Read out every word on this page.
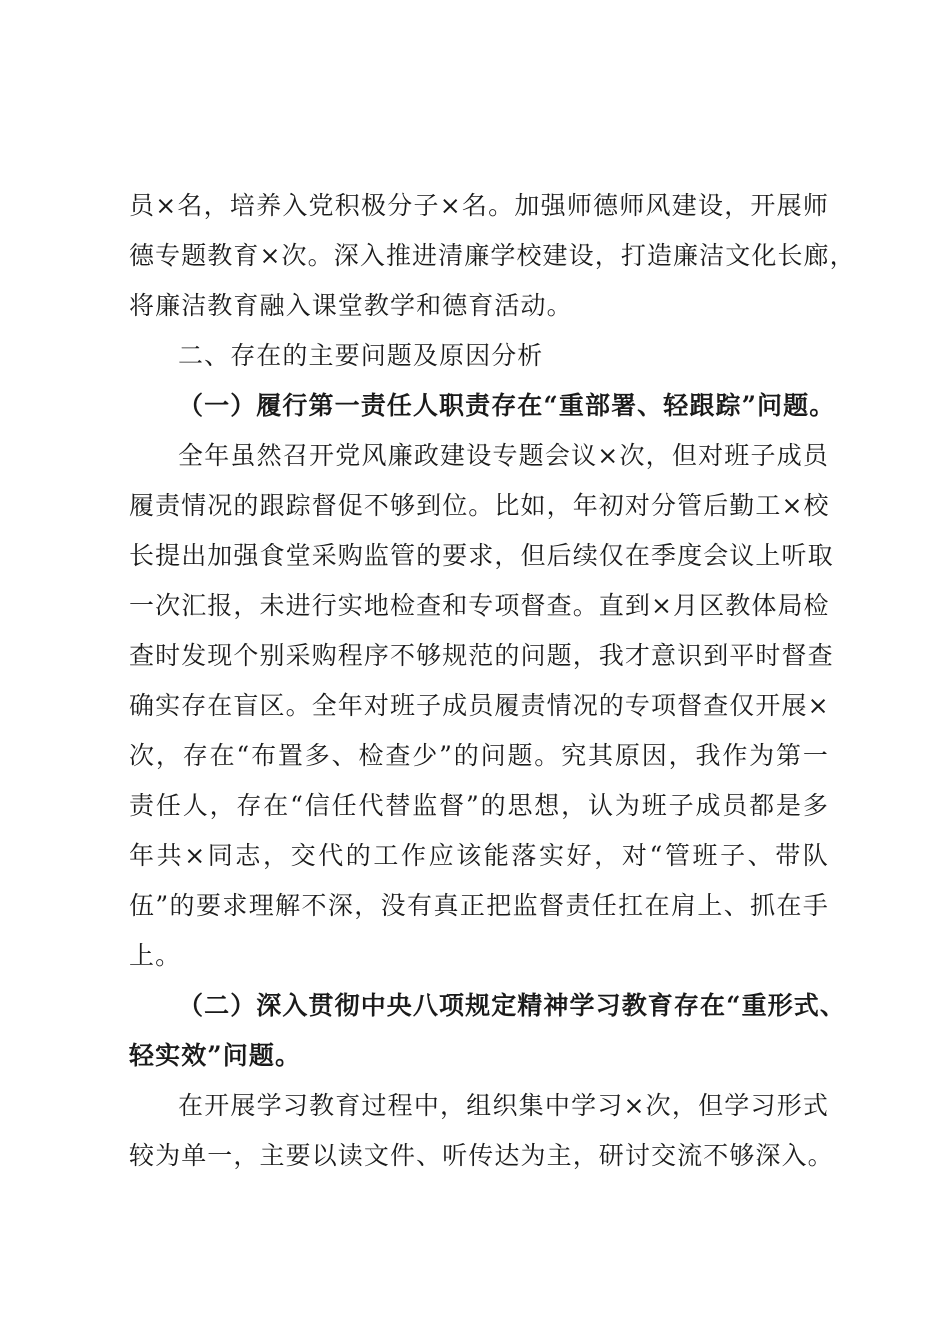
员×名，培养入党积极分子×名。加强师德师风建设，开展师
德专题教育×次。深入推进清廉学校建设，打造廉洁文化长廊，
将廉洁教育融入课堂教学和德育活动。
二、存在的主要问题及原因分析
（一）履行第一责任人职责存在“重部署、轻跟踪”问题。
全年虽然召开党风廉政建设专题会议×次，但对班子成员
履责情况的跟踪督促不够到位。比如，年初对分管后勤工×校
长提出加强食堂采购监管的要求，但后续仅在季度会议上听取
一次汇报，未进行实地检查和专项督查。直到×月区教体局检
查时发现个别采购程序不够规范的问题，我才意识到平时督查
确实存在盲区。全年对班子成员履责情况的专项督查仅开展×
次，存在“布置多、检查少”的问题。究其原因，我作为第一
责任人，存在“信任代替监督”的思想，认为班子成员都是多
年共×同志，交代的工作应该能落实好，对“管班子、带队
伍”的要求理解不深，没有真正把监督责任扛在肩上、抓在手
上。
（二）深入贯彻中央八项规定精神学习教育存在“重形式、
轻实效”问题。
在开展学习教育过程中，组织集中学习×次，但学习形式
较为单一，主要以读文件、听传达为主，研讨交流不够深入。
